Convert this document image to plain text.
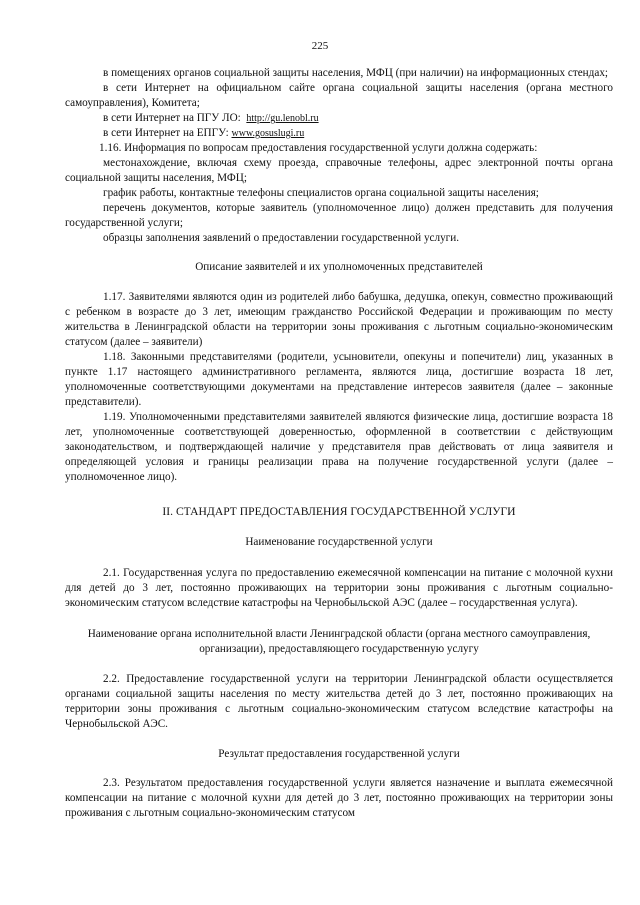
225

в помещениях органов социальной защиты населения, МФЦ (при наличии) на информационных стендах;

в сети Интернет на официальном сайте органа социальной защиты населения (органа местного самоуправления), Комитета;

в сети Интернет на ПГУ ЛО: http://gu.lenobl.ru

в сети Интернет на ЕПГУ: www.gosuslugi.ru

1.16. Информация по вопросам предоставления государственной услуги должна содержать:

местонахождение, включая схему проезда, справочные телефоны, адрес электронной почты органа социальной защиты населения, МФЦ;

график работы, контактные телефоны специалистов органа социальной защиты населения;

перечень документов, которые заявитель (уполномоченное лицо) должен представить для получения государственной услуги;

образцы заполнения заявлений о предоставлении государственной услуги.

Описание заявителей и их уполномоченных представителей

1.17. Заявителями являются один из родителей либо бабушка, дедушка, опекун, совместно проживающий с ребенком в возрасте до 3 лет, имеющим гражданство Российской Федерации и проживающим по месту жительства в Ленинградской области на территории зоны проживания с льготным социально-экономическим статусом (далее – заявители)

1.18. Законными представителями (родители, усыновители, опекуны и попечители) лиц, указанных в пункте 1.17 настоящего административного регламента, являются лица, достигшие возраста 18 лет, уполномоченные соответствующими документами на представление интересов заявителя (далее – законные представители).

1.19. Уполномоченными представителями заявителей являются физические лица, достигшие возраста 18 лет, уполномоченные соответствующей доверенностью, оформленной в соответствии с действующим законодательством, и подтверждающей наличие у представителя прав действовать от лица заявителя и определяющей условия и границы реализации права на получение государственной услуги (далее – уполномоченное лицо).

II. СТАНДАРТ ПРЕДОСТАВЛЕНИЯ ГОСУДАРСТВЕННОЙ УСЛУГИ

Наименование государственной услуги

2.1. Государственная услуга по предоставлению ежемесячной компенсации на питание с молочной кухни для детей до 3 лет, постоянно проживающих на территории зоны проживания с льготным социально-экономическим статусом вследствие катастрофы на Чернобыльской АЭС (далее – государственная услуга).

Наименование органа исполнительной власти Ленинградской области (органа местного самоуправления, организации), предоставляющего государственную услугу

2.2. Предоставление государственной услуги на территории Ленинградской области осуществляется органами социальной защиты населения по месту жительства детей до 3 лет, постоянно проживающих на территории зоны проживания с льготным социально-экономическим статусом вследствие катастрофы на Чернобыльской АЭС.

Результат предоставления государственной услуги

2.3. Результатом предоставления государственной услуги является назначение и выплата ежемесячной компенсации на питание с молочной кухни для детей до 3 лет, постоянно проживающих на территории зоны проживания с льготным социально-экономическим статусом
